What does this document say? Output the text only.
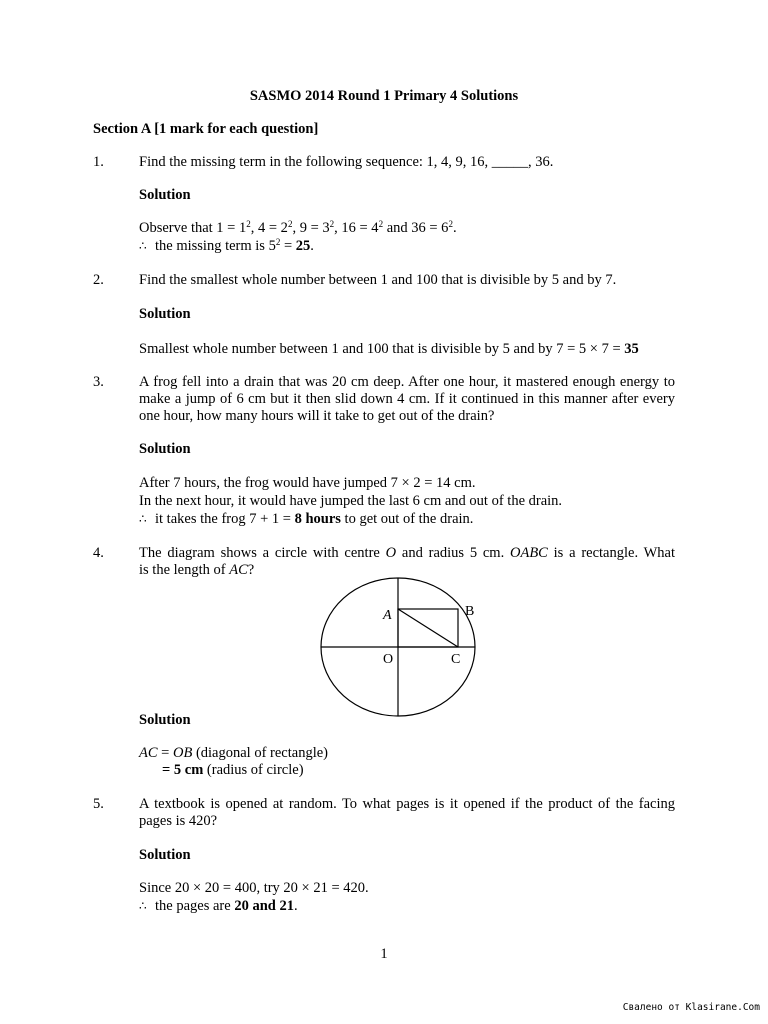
SASMO 2014 Round 1 Primary 4 Solutions
Section A [1 mark for each question]
1. Find the missing term in the following sequence: 1, 4, 9, 16, _____, 36.
Solution
Observe that $1 = 1^2$, $4 = 2^2$, $9 = 3^2$, $16 = 4^2$ and $36 = 6^2$.
∴ the missing term is $5^2 = 25$.
2. Find the smallest whole number between 1 and 100 that is divisible by 5 and by 7.
Solution
Smallest whole number between 1 and 100 that is divisible by 5 and by 7 = 5 × 7 = 35
3. A frog fell into a drain that was 20 cm deep. After one hour, it mastered enough energy to make a jump of 6 cm but it then slid down 4 cm. If it continued in this manner after every one hour, how many hours will it take to get out of the drain?
Solution
After 7 hours, the frog would have jumped 7 × 2 = 14 cm.
In the next hour, it would have jumped the last 6 cm and out of the drain.
∴ it takes the frog 7 + 1 = 8 hours to get out of the drain.
4. The diagram shows a circle with centre O and radius 5 cm. OABC is a rectangle. What
is the length of AC?
A	B
O	C
Solution
AC = OB (diagonal of rectangle)
= 5 cm (radius of circle)
5. A textbook is opened at random. To what pages is it opened if the product of the facing pages is 420?
Solution
Since 20 × 20 = 400, try 20 × 21 = 420.
∴ the pages are 20 and 21.
1
Свалено от Klasirane.Com
